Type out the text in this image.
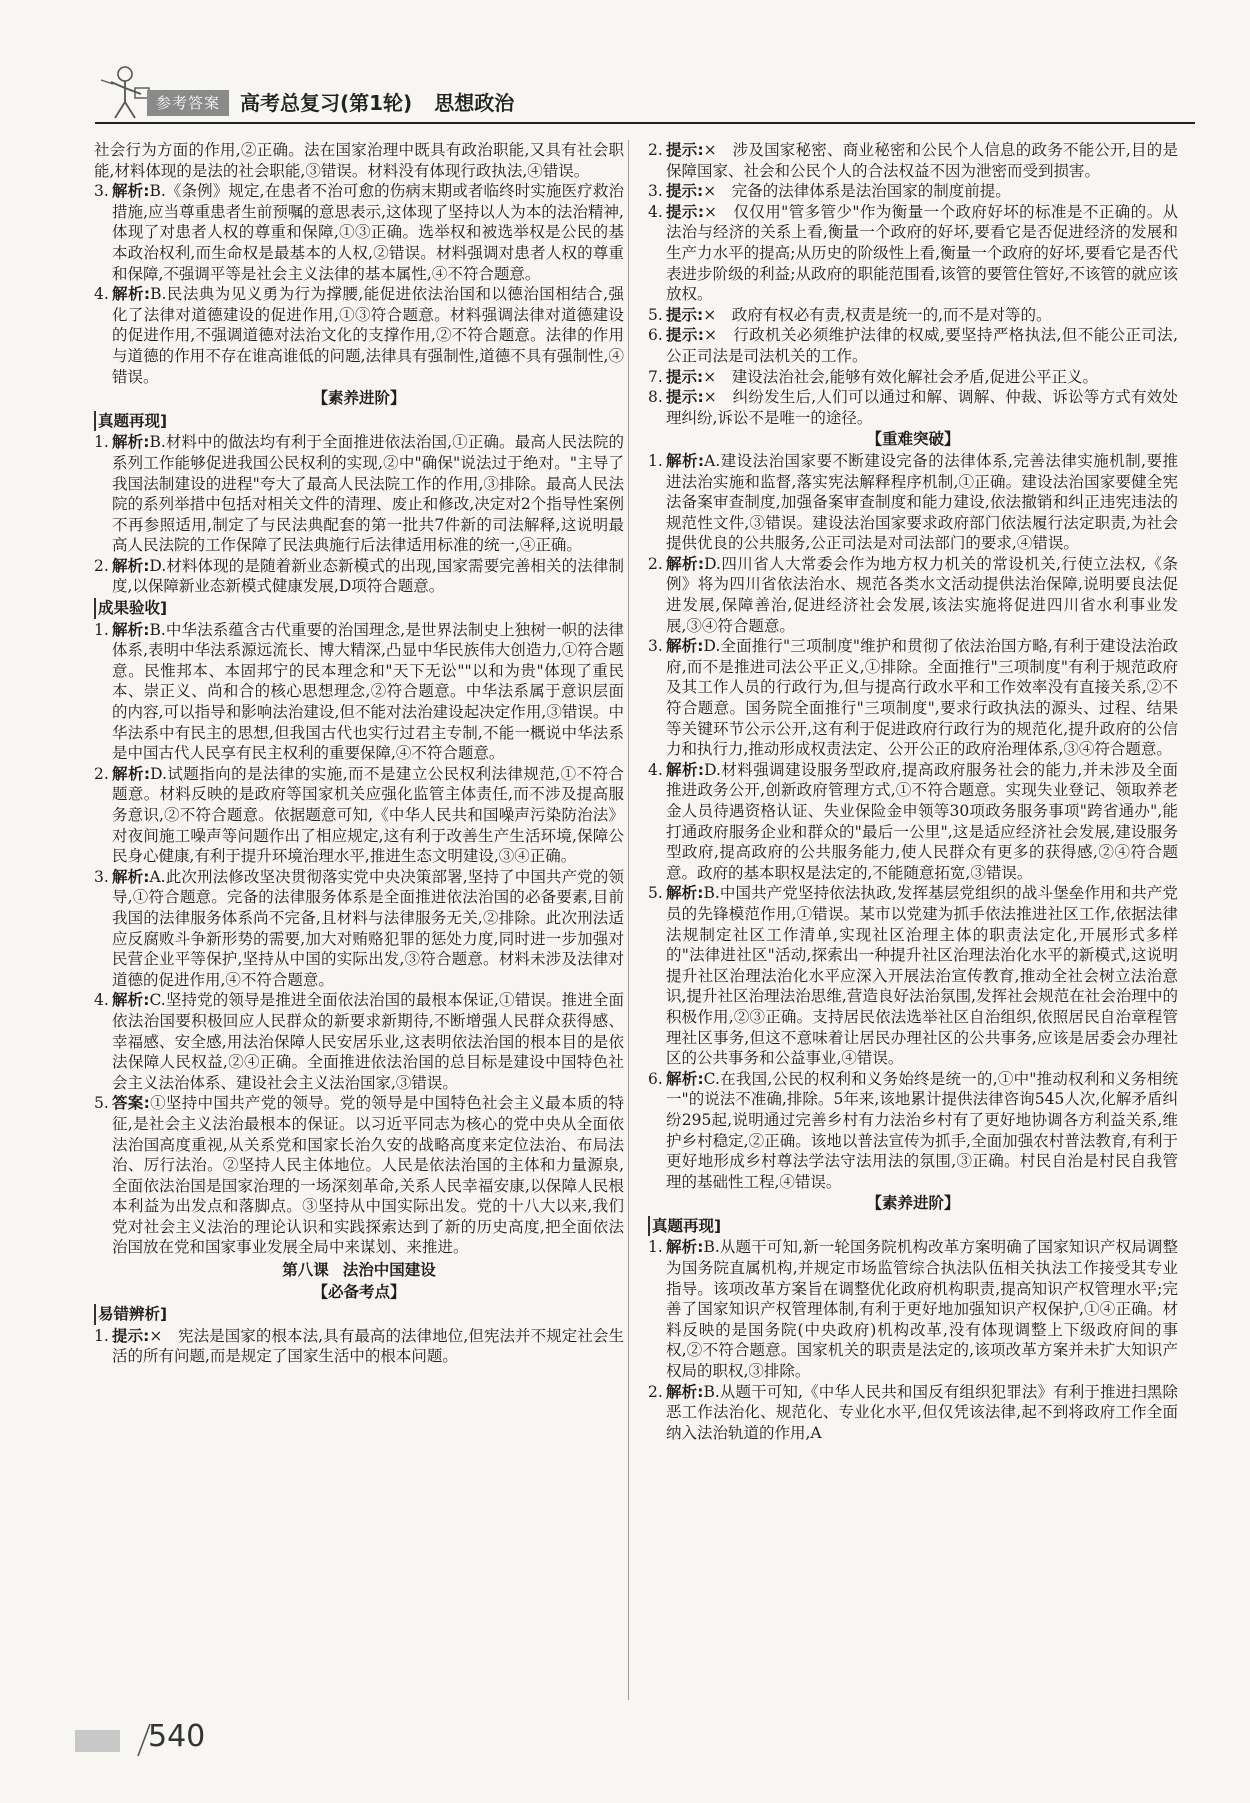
参考答案	高考总复习(第1轮) 思想政治

社会行为方面的作用,②正确。法在国家治理中既具有政治职能,又具有社会职能,材料体现的是法的社会职能,③错误。材料没有体现行政执法,④错误。

3. 解析:B.《条例》规定,在患者不治可愈的伤病末期或者临终时实施医疗救治措施,应当尊重患者生前预嘱的意思表示,这体现了坚持以人为本的法治精神,体现了对患者人权的尊重和保障,①③正确。选举权和被选举权是公民的基本政治权利,而生命权是最基本的人权,②错误。材料强调对患者人权的尊重和保障,不强调平等是社会主义法律的基本属性,④不符合题意。
4. 解析:B.民法典为见义勇为行为撑腰,能促进依法治国和以德治国相结合,强化了法律对道德建设的促进作用,①③符合题意。材料强调法律对道德建设的促进作用,不强调道德对法治文化的支撑作用,②不符合题意。法律的作用与道德的作用不存在谁高谁低的问题,法律具有强制性,道德不具有强制性,④错误。
【素养进阶】
真题再现]
1. 解析:B.材料中的做法均有利于全面推进依法治国,①正确。最高人民法院的系列工作能够促进我国公民权利的实现,②中"确保"说法过于绝对。"主导了我国法制建设的进程"夸大了最高人民法院工作的作用,③排除。最高人民法院的系列举措中包括对相关文件的清理、废止和修改,决定对2个指导性案例不再参照适用,制定了与民法典配套的第一批共7件新的司法解释,这说明最高人民法院的工作保障了民法典施行后法律适用标准的统一,④正确。
2. 解析:D.材料体现的是随着新业态新模式的出现,国家需要完善相关的法律制度,以保障新业态新模式健康发展,D项符合题意。
成果验收]
1. 解析:B.中华法系蕴含古代重要的治国理念,是世界法制史上独树一帜的法律体系,表明中华法系源远流长、博大精深,凸显中华民族伟大创造力,①符合题意。民惟邦本、本固邦宁的民本理念和"天下无讼""以和为贵"体现了重民本、崇正义、尚和合的核心思想理念,②符合题意。中华法系属于意识层面的内容,可以指导和影响法治建设,但不能对法治建设起决定作用,③错误。中华法系中有民主的思想,但我国古代也实行过君主专制,不能一概说中华法系是中国古代人民享有民主权利的重要保障,④不符合题意。
2. 解析:D.试题指向的是法律的实施,而不是建立公民权利法律规范,①不符合题意。材料反映的是政府等国家机关应强化监管主体责任,而不涉及提高服务意识,②不符合题意。依据题意可知,《中华人民共和国噪声污染防治法》对夜间施工噪声等问题作出了相应规定,这有利于改善生产生活环境,保障公民身心健康,有利于提升环境治理水平,推进生态文明建设,③④正确。
3. 解析:A.此次刑法修改坚决贯彻落实党中央决策部署,坚持了中国共产党的领导,①符合题意。完备的法律服务体系是全面推进依法治国的必备要素,目前我国的法律服务体系尚不完备,且材料与法律服务无关,②排除。此次刑法适应反腐败斗争新形势的需要,加大对贿赂犯罪的惩处力度,同时进一步加强对民营企业平等保护,坚持从中国的实际出发,③符合题意。材料未涉及法律对道德的促进作用,④不符合题意。
4. 解析:C.坚持党的领导是推进全面依法治国的最根本保证,①错误。推进全面依法治国要积极回应人民群众的新要求新期待,不断增强人民群众获得感、幸福感、安全感,用法治保障人民安居乐业,这表明依法治国的根本目的是依法保障人民权益,②④正确。全面推进依法治国的总目标是建设中国特色社会主义法治体系、建设社会主义法治国家,③错误。
5. 答案:①坚持中国共产党的领导。党的领导是中国特色社会主义最本质的特征,是社会主义法治最根本的保证。以习近平同志为核心的党中央从全面依法治国高度重视,从关系党和国家长治久安的战略高度来定位法治、布局法治、厉行法治。②坚持人民主体地位。人民是依法治国的主体和力量源泉,全面依法治国是国家治理的一场深刻革命,关系人民幸福安康,以保障人民根本利益为出发点和落脚点。③坚持从中国实际出发。党的十八大以来,我们党对社会主义法治的理论认识和实践探索达到了新的历史高度,把全面依法治国放在党和国家事业发展全局中来谋划、来推进。
第八课 法治中国建设
【必备考点】
易错辨析]
1. 提示:×　宪法是国家的根本法,具有最高的法律地位,但宪法并不规定社会生活的所有问题,而是规定了国家生活中的根本问题。
2. 提示:×　涉及国家秘密、商业秘密和公民个人信息的政务不能公开,目的是保障国家、社会和公民个人的合法权益不因为泄密而受到损害。
3. 提示:×　完备的法律体系是法治国家的制度前提。
4. 提示:×　仅仅用"管多管少"作为衡量一个政府好坏的标准是不正确的。从法治与经济的关系上看,衡量一个政府的好坏,要看它是否促进经济的发展和生产力水平的提高;从历史的阶级性上看,衡量一个政府的好坏,要看它是否代表进步阶级的利益;从政府的职能范围看,该管的要管住管好,不该管的就应该放权。
5. 提示:×　政府有权必有责,权责是统一的,而不是对等的。
6. 提示:×　行政机关必须维护法律的权威,要坚持严格执法,但不能公正司法,公正司法是司法机关的工作。
7. 提示:×　建设法治社会,能够有效化解社会矛盾,促进公平正义。
8. 提示:×　纠纷发生后,人们可以通过和解、调解、仲裁、诉讼等方式有效处理纠纷,诉讼不是唯一的途径。
【重难突破】
1. 解析:A.建设法治国家要不断建设完备的法律体系,完善法律实施机制,要推进法治实施和监督,落实宪法解释程序机制,①正确。建设法治国家要健全宪法备案审查制度,加强备案审查制度和能力建设,依法撤销和纠正违宪违法的规范性文件,③错误。建设法治国家要求政府部门依法履行法定职责,为社会提供优良的公共服务,公正司法是对司法部门的要求,④错误。
2. 解析:D.四川省人大常委会作为地方权力机关的常设机关,行使立法权,《条例》将为四川省依法治水、规范各类水文活动提供法治保障,说明要良法促进发展,保障善治,促进经济社会发展,该法实施将促进四川省水利事业发展,③④符合题意。
3. 解析:D.全面推行"三项制度"维护和贯彻了依法治国方略,有利于建设法治政府,而不是推进司法公平正义,①排除。全面推行"三项制度"有利于规范政府及其工作人员的行政行为,但与提高行政水平和工作效率没有直接关系,②不符合题意。国务院全面推行"三项制度",要求行政执法的源头、过程、结果等关键环节公示公开,这有利于促进政府行政行为的规范化,提升政府的公信力和执行力,推动形成权责法定、公开公正的政府治理体系,③④符合题意。
4. 解析:D.材料强调建设服务型政府,提高政府服务社会的能力,并未涉及全面推进政务公开,创新政府管理方式,①不符合题意。实现失业登记、领取养老金人员待遇资格认证、失业保险金申领等30项政务服务事项"跨省通办",能打通政府服务企业和群众的"最后一公里",这是适应经济社会发展,建设服务型政府,提高政府的公共服务能力,使人民群众有更多的获得感,②④符合题意。政府的基本职权是法定的,不能随意拓宽,③错误。
5. 解析:B.中国共产党坚持依法执政,发挥基层党组织的战斗堡垒作用和共产党员的先锋模范作用,①错误。某市以党建为抓手依法推进社区工作,依据法律法规制定社区工作清单,实现社区治理主体的职责法定化,开展形式多样的"法律进社区"活动,探索出一种提升社区治理法治化水平的新模式,这说明提升社区治理法治化水平应深入开展法治宣传教育,推动全社会树立法治意识,提升社区治理法治思维,营造良好法治氛围,发挥社会规范在社会治理中的积极作用,②③正确。支持居民依法选举社区自治组织,依照居民自治章程管理社区事务,但这不意味着让居民办理社区的公共事务,应该是居委会办理社区的公共事务和公益事业,④错误。
6. 解析:C.在我国,公民的权利和义务始终是统一的,①中"推动权利和义务相统一"的说法不准确,排除。5年来,该地累计提供法律咨询545人次,化解矛盾纠纷295起,说明通过完善乡村有力法治乡村有了更好地协调各方利益关系,维护乡村稳定,②正确。该地以普法宣传为抓手,全面加强农村普法教育,有利于更好地形成乡村尊法学法守法用法的氛围,③正确。村民自治是村民自我管理的基础性工程,④错误。
【素养进阶】
真题再现]
1. 解析:B.从题干可知,新一轮国务院机构改革方案明确了国家知识产权局调整为国务院直属机构,并规定市场监管综合执法队伍相关执法工作接受其专业指导。该项改革方案旨在调整优化政府机构职责,提高知识产权管理水平;完善了国家知识产权管理体制,有利于更好地加强知识产权保护,①④正确。材料反映的是国务院(中央政府)机构改革,没有体现调整上下级政府间的事权,②不符合题意。国家机关的职责是法定的,该项改革方案并未扩大知识产权局的职权,③排除。
2. 解析:B.从题干可知,《中华人民共和国反有组织犯罪法》有利于推进扫黑除恶工作法治化、规范化、专业化水平,但仅凭该法律,起不到将政府工作全面纳入法治轨道的作用,A
540
